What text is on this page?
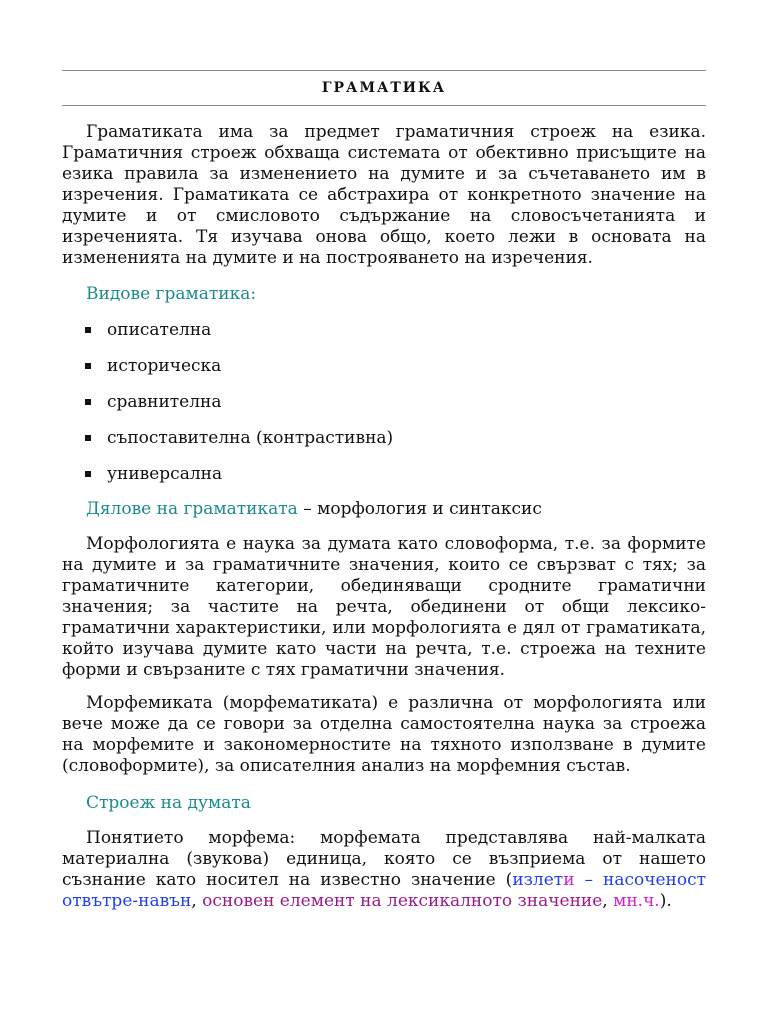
ГРАМАТИКА

Граматиката има за предмет граматичния строеж на езика. Граматичния строеж обхваща системата от обективно присъщите на езика правила за изменението на думите и за съчетаването им в изречения. Граматиката се абстрахира от конкретното значение на думите и от смисловото съдържание на словосъчетанията и изреченията. Тя изучава онова общо, което лежи в основата на измененията на думите и на построяването на изречения.

Видове граматика:

описателна
историческа
сравнителна
съпоставителна (контрастивна)
универсална

Дялове на граматиката – морфология и синтаксис

Морфологията е наука за думата като словоформа, т.е. за формите на думите и за граматичните значения, които се свързват с тях; за граматичните категории, обединяващи сродните граматични значения; за частите на речта, обединени от общи лексико-граматични характеристики, или морфологията е дял от граматиката, който изучава думите като части на речта, т.е. строежа на техните форми и свързаните с тях граматични значения.

Морфемиката (морфематиката) е различна от морфологията или вече може да се говори за отделна самостоятелна наука за строежа на морфемите и закономерностите на тяхното използване в думите (словоформите), за описателния анализ на морфемния състав.

Строеж на думата

Понятието морфема: морфемата представлява най-малката материална (звукова) единица, която се възприема от нашето съзнание като носител на известно значение (излети – насоченост отвътре-навън, основен елемент на лексикалното значение, мн.ч.).
